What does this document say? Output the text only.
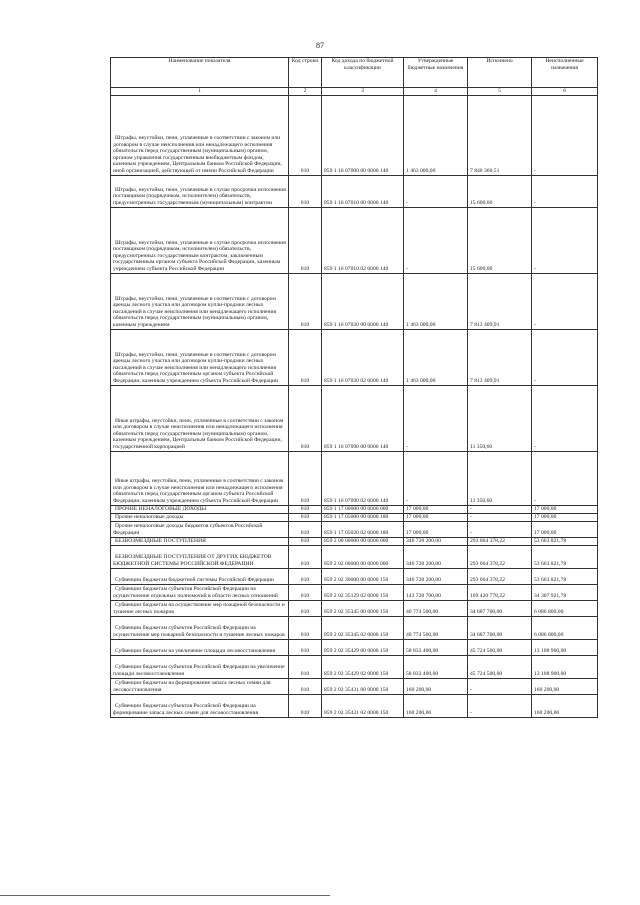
87
Наименование показателя	Код строки	Код дохода по бюджетной классификации	Утвержденные бюджетные назначения	Исполнено	Неисполненные назначения
1	2	3	4	5	6
Штрафы, неустойки, пени, уплаченные в соответствии с законом или договором в случае неисполнения или ненадлежащего исполнения обязательств перед государственным (муниципальным) органом, органом управления государственным внебюджетным фондом, казенным учреждением, Центральным банком Российской Федерации, иной организацией, действующей от имени Российской Федерации	010	859 1 16 07000 00 0000 140	1 463 000,00	7 840 360,51	-
Штрафы, неустойки, пени, уплаченные в случае просрочки исполнения поставщиком (подрядчиком, исполнителем) обязательств, предусмотренных государственным (муниципальным) контрактом	010	859 1 16 07010 00 0000 140	-	15 600,00	-
Штрафы, неустойки, пени, уплаченные в случае просрочки исполнения поставщиком (подрядчиком, исполнителем) обязательств, предусмотренных государственным контрактом, заключенным государственным органом субъекта Российской Федерации, казенным учреждением субъекта Российской Федерации	010	859 1 16 07010 02 0000 140	-	15 600,00	-
Штрафы, неустойки, пени, уплаченные в соответствии с договором аренды лесного участка или договором купли-продажи лесных насаждений в случае неисполнения или ненадлежащего исполнения обязательств перед государственным (муниципальным) органом, казенным учреждением	010	859 1 16 07030 00 0000 140	1 463 000,00	7 813 409,91	-
Штрафы, неустойки, пени, уплаченные в соответствии с договором аренды лесного участка или договором купли-продажи лесных насаждений в случае неисполнения или ненадлежащего исполнения обязательств перед государственным органом субъекта Российской Федерации, казенным учреждением субъекта Российской Федерации	010	859 1 16 07030 02 0000 140	1 463 000,00	7 813 409,91	-
Иные штрафы, неустойки, пени, уплаченные в соответствии с законом или договором в случае неисполнения или ненадлежащего исполнения обязательств перед государственным (муниципальным) органом, казенным учреждением, Центральным банком Российской Федерации, государственной корпорацией	010	859 1 16 07090 00 0000 140	-	11 350,60	-
Иные штрафы, неустойки, пени, уплаченные в соответствии с законом или договором в случае неисполнения или ненадлежащего исполнения обязательств перед государственным органом субъекта Российской Федерации, казенным учреждением субъекта Российской Федерации	010	859 1 16 07090 02 0000 140	-	11 350,60	-
ПРОЧИЕ НЕНАЛОГОВЫЕ ДОХОДЫ	010	859 1 17 00000 00 0000 000	17 000,00	-	17 000,00
Прочие неналоговые доходы	010	859 1 17 05000 00 0000 180	17 000,00	-	17 000,00
Прочие неналоговые доходы бюджетов субъектов Российской Федерации	010	859 1 17 05020 02 0000 180	17 000,00	-	17 000,00
БЕЗВОЗМЕЗДНЫЕ ПОСТУПЛЕНИЯ	010	859 2 00 00000 00 0000 000	346 728 200,00	293 064 378,22	53 663 821,78
БЕЗВОЗМЕЗДНЫЕ ПОСТУПЛЕНИЯ ОТ ДРУГИХ БЮДЖЕТОВ БЮДЖЕТНОЙ СИСТЕМЫ РОССИЙСКОЙ ФЕДЕРАЦИИ	010	859 2 02 00000 00 0000 000	346 728 200,00	293 064 378,22	53 663 821,78
Субвенции бюджетам бюджетной системы Российской Федерации	010	859 2 02 30000 00 0000 150	346 728 200,00	293 064 378,22	53 663 821,78
Субвенции бюджетам субъектов Российской Федерации на осуществление отдельных полномочий в области лесных отношений	010	859 2 02 35129 02 0000 150	143 728 700,00	109 420 778,22	34 307 921,78
Субвенции бюджетам на осуществление мер пожарной безопасности и тушение лесных пожаров	010	859 2 02 35345 00 0000 150	40 774 500,00	34 687 700,00	6 086 800,00
Субвенции бюджетам субъектов Российской Федерации на осуществление мер пожарной безопасности и тушение лесных пожаров	010	859 2 02 35345 02 0000 150	40 774 500,00	34 687 700,00	6 086 800,00
Субвенции бюджетам на увеличение площади лесовосстановления	010	859 2 02 35429 00 0000 150	58 833 400,00	45 724 500,00	13 108 900,00
Субвенции бюджетам субъектов Российской Федерации на увеличение площади лесовосстановления	010	859 2 02 35429 02 0000 150	58 833 400,00	45 724 500,00	13 108 900,00
Субвенции бюджетам на формирование запаса лесных семян для лесовосстановления	010	859 2 02 35431 00 0000 150	160 200,00	-	160 200,00
Субвенции бюджетам субъектов Российской Федерации на формирование запаса лесных семян для лесовосстановления	010	859 2 02 35431 02 0000 150	160 200,00	-	160 200,00
